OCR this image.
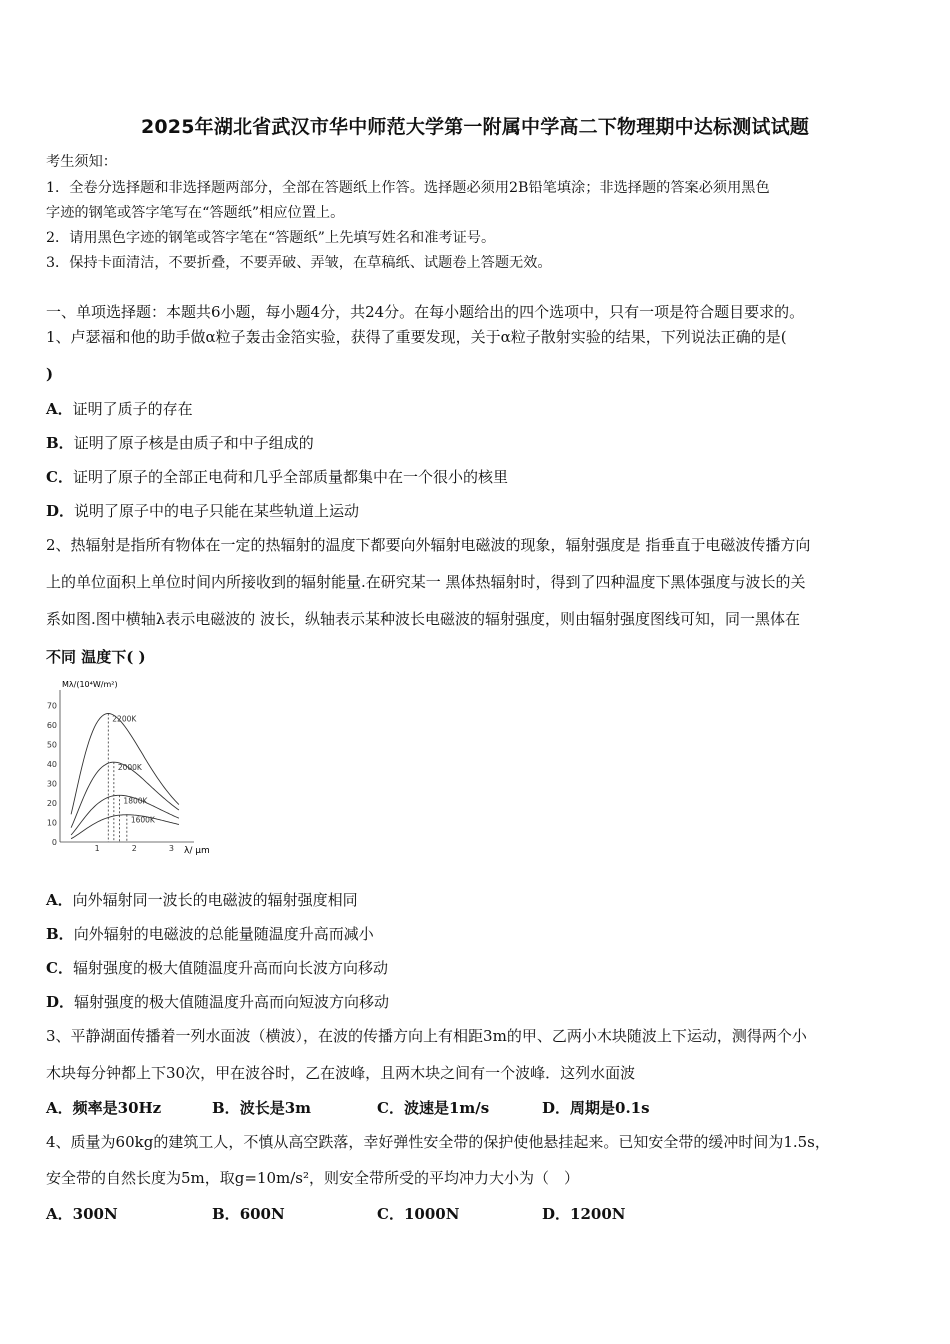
2025年湖北省武汉市华中师范大学第一附属中学高二下物理期中达标测试试题
考生须知：
1．全卷分选择题和非选择题两部分，全部在答题纸上作答。选择题必须用2B铅笔填涂；非选择题的答案必须用黑色
字迹的钢笔或答字笔写在“答题纸”相应位置上。
2．请用黑色字迹的钢笔或答字笔在“答题纸”上先填写姓名和准考证号。
3．保持卡面清洁，不要折叠，不要弄破、弄皱，在草稿纸、试题卷上答题无效。
一、单项选择题：本题共6小题，每小题4分，共24分。在每小题给出的四个选项中，只有一项是符合题目要求的。
1、卢瑟福和他的助手做α粒子轰击金箔实验，获得了重要发现，关于α粒子散射实验的结果，下列说法正确的是(
)
A．证明了质子的存在
B．证明了原子核是由质子和中子组成的
C．证明了原子的全部正电荷和几乎全部质量都集中在一个很小的核里
D．说明了原子中的电子只能在某些轨道上运动
2、热辐射是指所有物体在一定的热辐射的温度下都要向外辐射电磁波的现象，辐射强度是 指垂直于电磁波传播方向
上的单位面积上单位时间内所接收到的辐射能量.在研究某一 黑体热辐射时，得到了四种温度下黑体强度与波长的关
系如图.图中横轴λ表示电磁波的 波长，纵轴表示某种波长电磁波的辐射强度，则由辐射强度图线可知，同一黑体在
不同 温度下( )
Mλ/(10⁴W/m²)
λ/ μm
70
60
50
40
30
20
10
0
1	2	3
2200K
2000K
1800K
1600K
A．向外辐射同一波长的电磁波的辐射强度相同
B．向外辐射的电磁波的总能量随温度升高而减小
C．辐射强度的极大值随温度升高而向长波方向移动
D．辐射强度的极大值随温度升高而向短波方向移动
3、平静湖面传播着一列水面波（横波），在波的传播方向上有相距3m的甲、乙两小木块随波上下运动，测得两个小
木块每分钟都上下30次，甲在波谷时，乙在波峰，且两木块之间有一个波峰．这列水面波
A．频率是30Hz	B．波长是3m	C．波速是1m/s	D．周期是0.1s
4、质量为60kg的建筑工人，不慎从高空跌落，幸好弹性安全带的保护使他悬挂起来。已知安全带的缓冲时间为1.5s，
安全带的自然长度为5m，取g=10m/s²，则安全带所受的平均冲力大小为（　）
A．300N	B．600N	C．1000N	D．1200N
